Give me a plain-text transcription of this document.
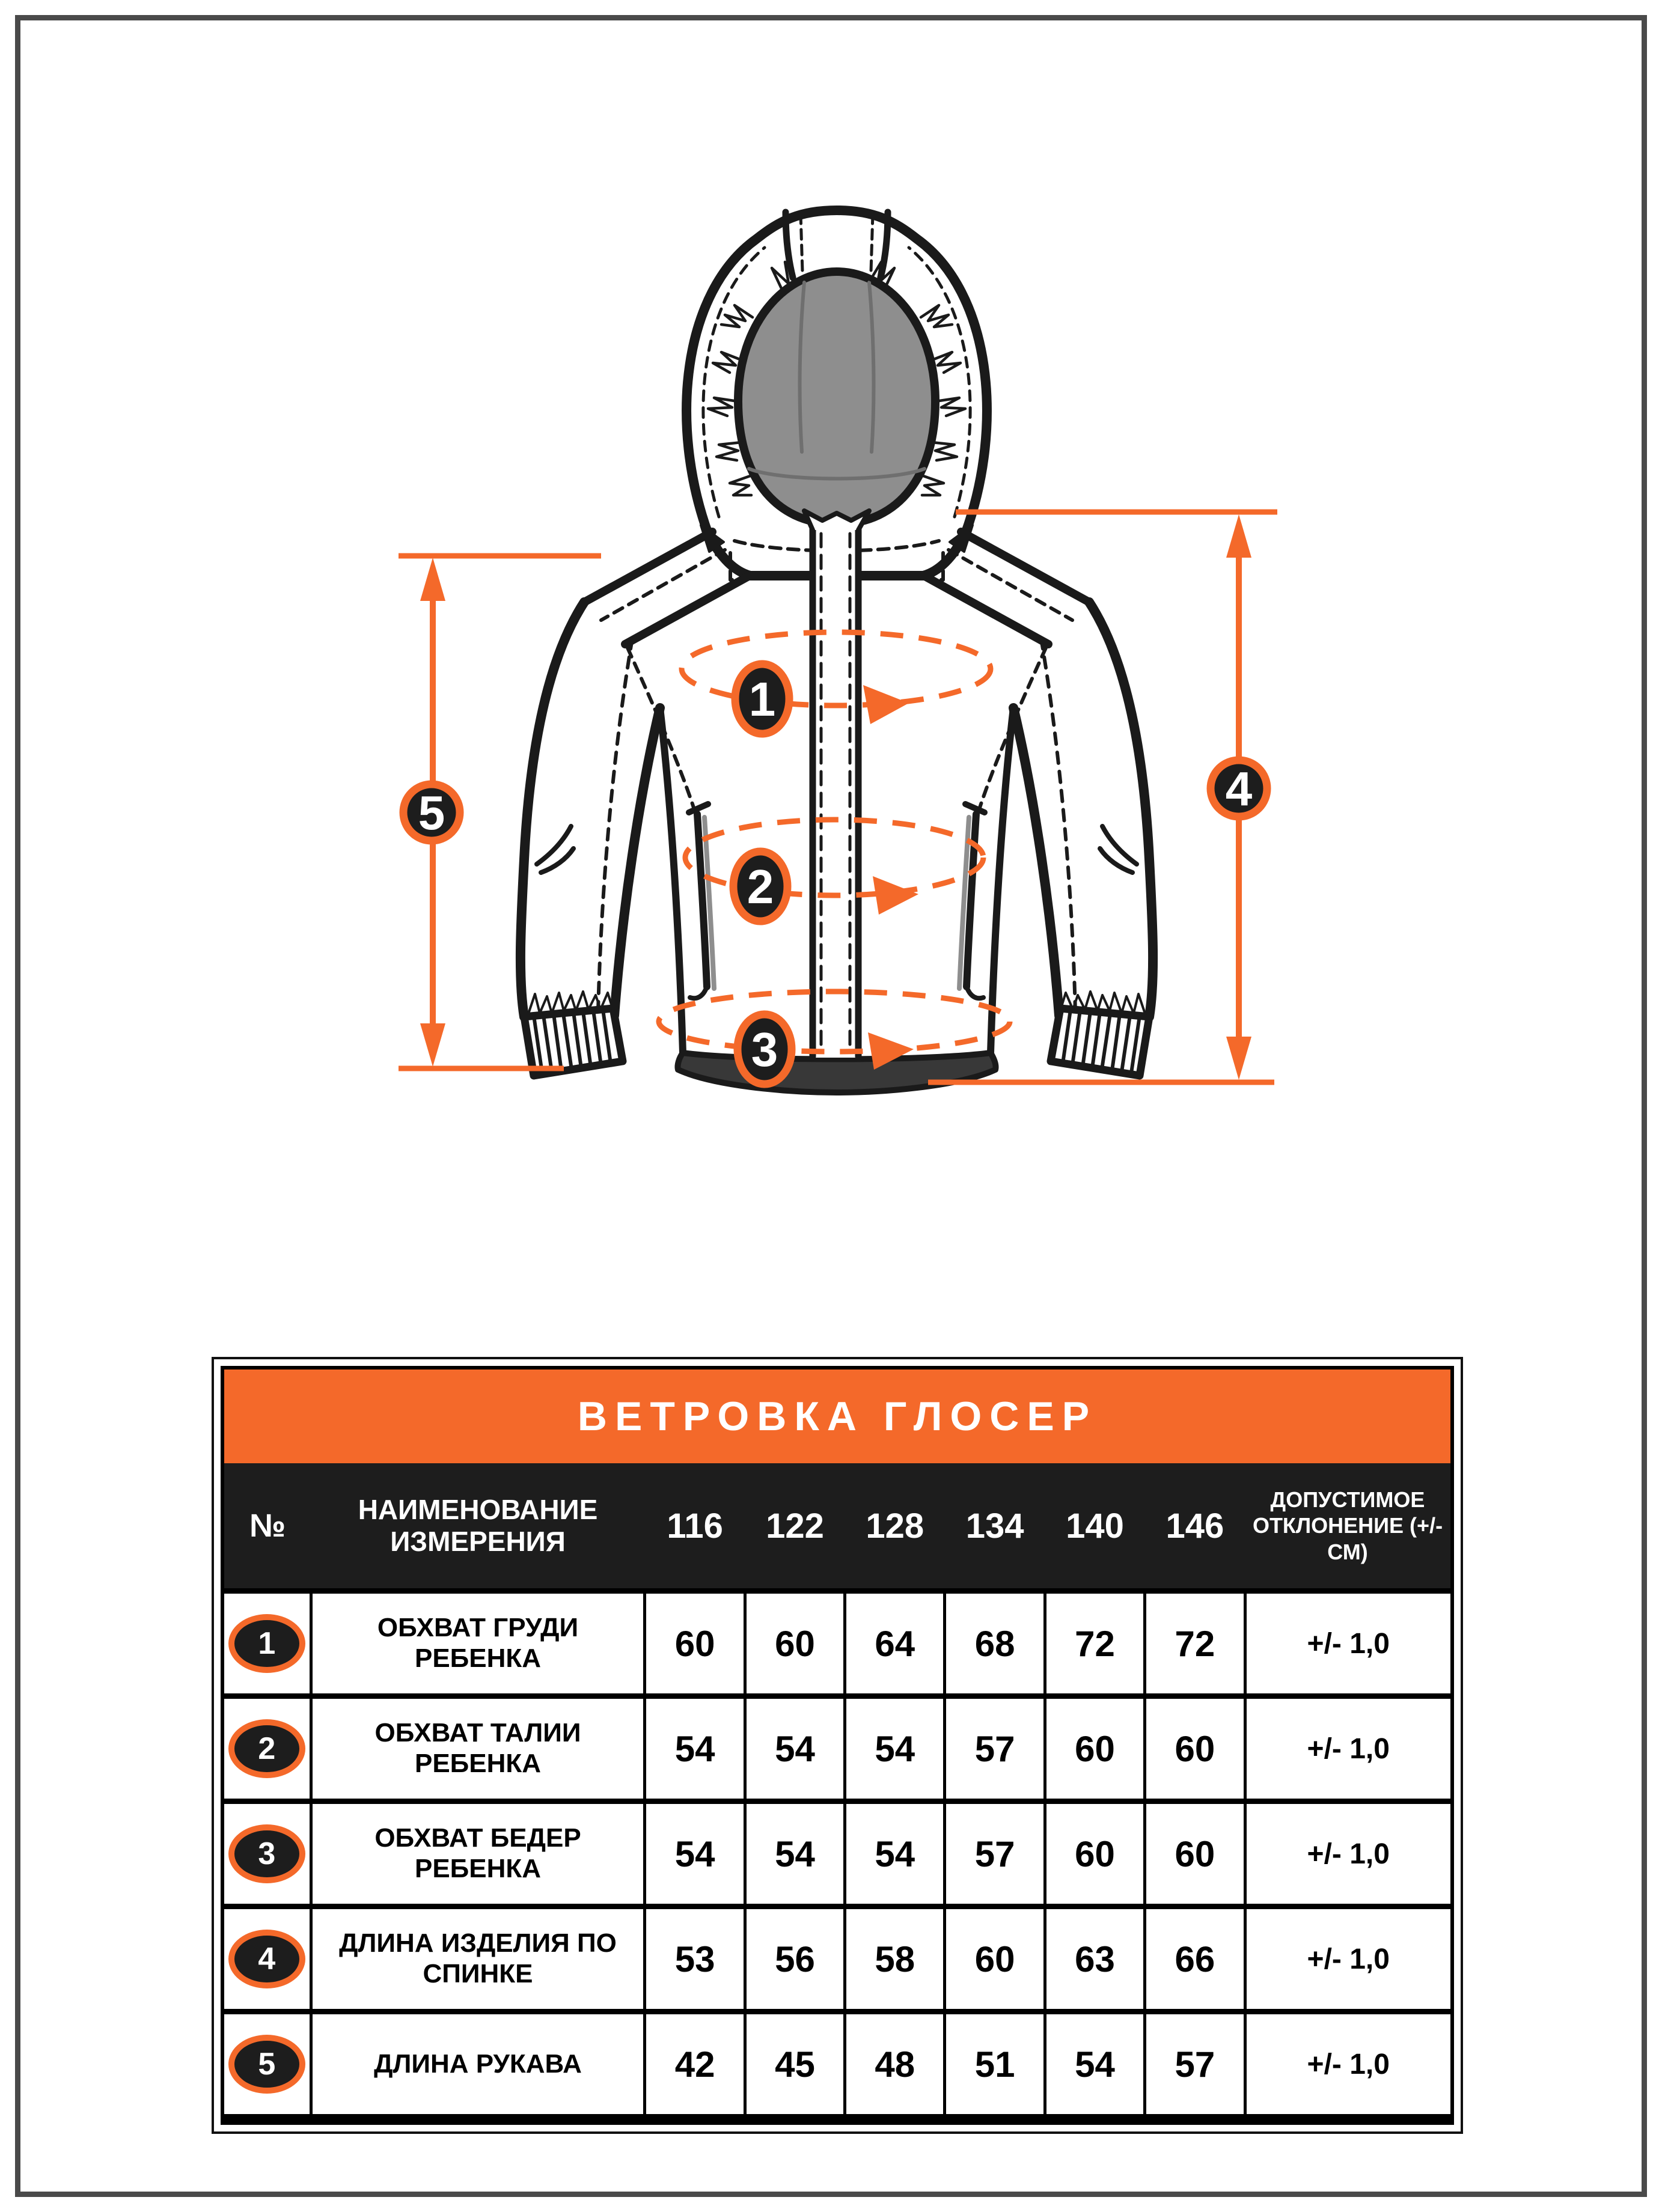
1
2
3
4
5
ВЕТРОВКА ГЛОСЕР								
№	НАИМЕНОВАНИЕ ИЗМЕРЕНИЯ	116	122	128	134	140	146	ДОПУСТИМОЕ ОТКЛОНЕНИЕ (+/-СМ)
1	ОБХВАТ ГРУДИ РЕБЕНКА	60	60	64	68	72	72	+/- 1,0
2	ОБХВАТ ТАЛИИ РЕБЕНКА	54	54	54	57	60	60	+/- 1,0
3	ОБХВАТ БЕДЕР РЕБЕНКА	54	54	54	57	60	60	+/- 1,0
4	ДЛИНА ИЗДЕЛИЯ ПО СПИНКЕ	53	56	58	60	63	66	+/- 1,0
5	ДЛИНА РУКАВА	42	45	48	51	54	57	+/- 1,0
